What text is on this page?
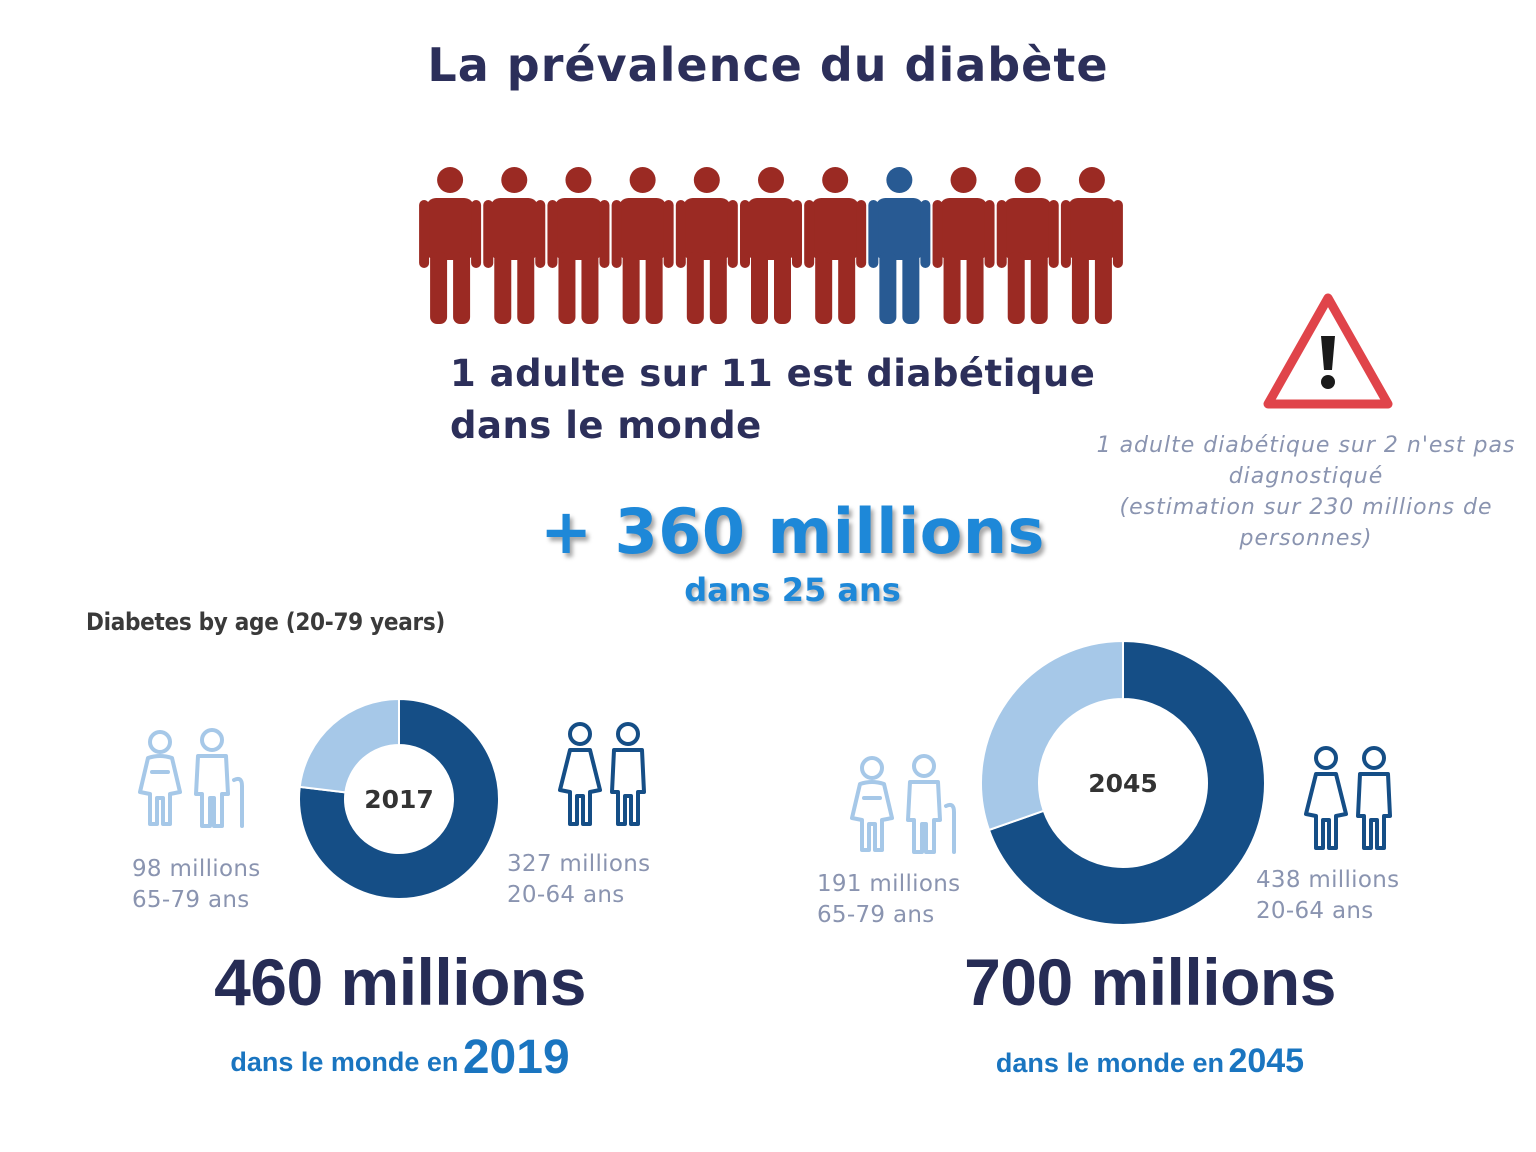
La prévalence du diabète
1 adulte sur 11 est diabétique
dans le monde	1 adulte diabétique sur 2 n'est pas
diagnostiqué
(estimation sur 230 millions de
personnes)
+ 360 millions
dans 25 ans
Diabetes by age (20-79 years)
2017
98 millions
65-79 ans
327 millions
20-64 ans
2045
191 millions
65-79 ans
438 millions
20-64 ans
460 millions
dans le monde en 2019
700 millions
dans le monde en 2045
